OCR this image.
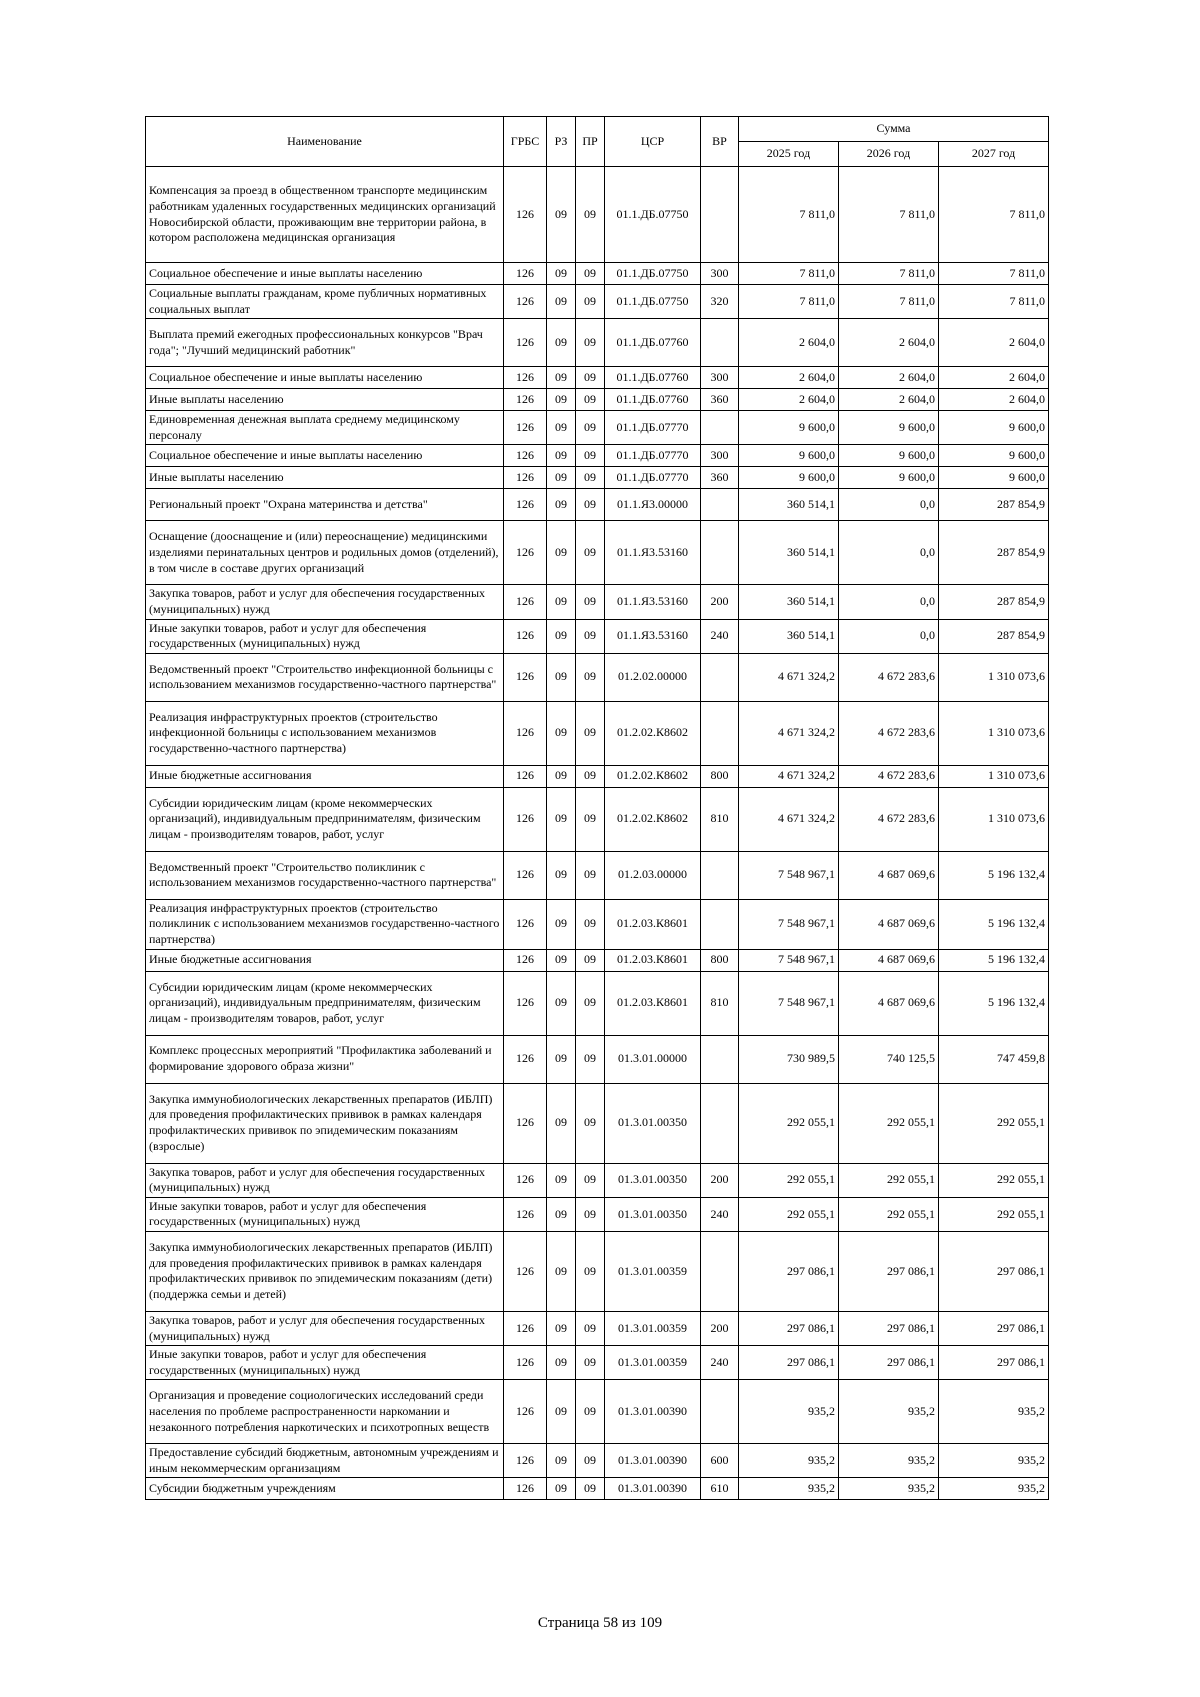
Наименование	ГРБС	РЗ	ПР	ЦСР	ВР	Сумма		
						2025 год	2026 год	2027 год
Компенсация за проезд в общественном транспорте медицинским работникам удаленных государственных медицинских организаций Новосибирской области, проживающим вне территории района, в котором расположена медицинская организация	126	09	09	01.1.ДБ.07750		7 811,0	7 811,0	7 811,0
Социальное обеспечение и иные выплаты населению	126	09	09	01.1.ДБ.07750	300	7 811,0	7 811,0	7 811,0
Социальные выплаты гражданам, кроме публичных нормативных социальных выплат	126	09	09	01.1.ДБ.07750	320	7 811,0	7 811,0	7 811,0
Выплата премий ежегодных профессиональных конкурсов "Врач года"; "Лучший медицинский работник"	126	09	09	01.1.ДБ.07760		2 604,0	2 604,0	2 604,0
Социальное обеспечение и иные выплаты населению	126	09	09	01.1.ДБ.07760	300	2 604,0	2 604,0	2 604,0
Иные выплаты населению	126	09	09	01.1.ДБ.07760	360	2 604,0	2 604,0	2 604,0
Единовременная денежная выплата среднему медицинскому персоналу	126	09	09	01.1.ДБ.07770		9 600,0	9 600,0	9 600,0
Социальное обеспечение и иные выплаты населению	126	09	09	01.1.ДБ.07770	300	9 600,0	9 600,0	9 600,0
Иные выплаты населению	126	09	09	01.1.ДБ.07770	360	9 600,0	9 600,0	9 600,0
Региональный проект "Охрана материнства и детства"	126	09	09	01.1.Я3.00000		360 514,1	0,0	287 854,9
Оснащение (дооснащение и (или) переоснащение) медицинскими изделиями перинатальных центров и родильных домов (отделений), в том числе в составе других организаций	126	09	09	01.1.Я3.53160		360 514,1	0,0	287 854,9
Закупка товаров, работ и услуг для обеспечения государственных (муниципальных) нужд	126	09	09	01.1.Я3.53160	200	360 514,1	0,0	287 854,9
Иные закупки товаров, работ и услуг для обеспечения государственных (муниципальных) нужд	126	09	09	01.1.Я3.53160	240	360 514,1	0,0	287 854,9
Ведомственный проект "Строительство инфекционной больницы с использованием механизмов государственно-частного партнерства"	126	09	09	01.2.02.00000		4 671 324,2	4 672 283,6	1 310 073,6
Реализация инфраструктурных проектов (строительство инфекционной больницы с использованием механизмов государственно-частного партнерства)	126	09	09	01.2.02.К8602		4 671 324,2	4 672 283,6	1 310 073,6
Иные бюджетные ассигнования	126	09	09	01.2.02.К8602	800	4 671 324,2	4 672 283,6	1 310 073,6
Субсидии юридическим лицам (кроме некоммерческих организаций), индивидуальным предпринимателям, физическим лицам - производителям товаров, работ, услуг	126	09	09	01.2.02.К8602	810	4 671 324,2	4 672 283,6	1 310 073,6
Ведомственный проект "Строительство поликлиник с использованием механизмов государственно-частного партнерства"	126	09	09	01.2.03.00000		7 548 967,1	4 687 069,6	5 196 132,4
Реализация инфраструктурных проектов (строительство поликлиник с использованием механизмов государственно-частного партнерства)	126	09	09	01.2.03.К8601		7 548 967,1	4 687 069,6	5 196 132,4
Иные бюджетные ассигнования	126	09	09	01.2.03.К8601	800	7 548 967,1	4 687 069,6	5 196 132,4
Субсидии юридическим лицам (кроме некоммерческих организаций), индивидуальным предпринимателям, физическим лицам - производителям товаров, работ, услуг	126	09	09	01.2.03.К8601	810	7 548 967,1	4 687 069,6	5 196 132,4
Комплекс процессных мероприятий "Профилактика заболеваний и формирование здорового образа жизни"	126	09	09	01.3.01.00000		730 989,5	740 125,5	747 459,8
Закупка иммунобиологических лекарственных препаратов (ИБЛП) для проведения профилактических прививок в рамках календаря профилактических прививок по эпидемическим показаниям (взрослые)	126	09	09	01.3.01.00350		292 055,1	292 055,1	292 055,1
Закупка товаров, работ и услуг для обеспечения государственных (муниципальных) нужд	126	09	09	01.3.01.00350	200	292 055,1	292 055,1	292 055,1
Иные закупки товаров, работ и услуг для обеспечения государственных (муниципальных) нужд	126	09	09	01.3.01.00350	240	292 055,1	292 055,1	292 055,1
Закупка иммунобиологических лекарственных препаратов (ИБЛП) для проведения профилактических прививок в рамках календаря профилактических прививок по эпидемическим показаниям (дети) (поддержка семьи и детей)	126	09	09	01.3.01.00359		297 086,1	297 086,1	297 086,1
Закупка товаров, работ и услуг для обеспечения государственных (муниципальных) нужд	126	09	09	01.3.01.00359	200	297 086,1	297 086,1	297 086,1
Иные закупки товаров, работ и услуг для обеспечения государственных (муниципальных) нужд	126	09	09	01.3.01.00359	240	297 086,1	297 086,1	297 086,1
Организация и проведение социологических исследований среди населения по проблеме распространенности наркомании и незаконного потребления наркотических и психотропных веществ	126	09	09	01.3.01.00390		935,2	935,2	935,2
Предоставление субсидий бюджетным, автономным учреждениям и иным некоммерческим организациям	126	09	09	01.3.01.00390	600	935,2	935,2	935,2
Субсидии бюджетным учреждениям	126	09	09	01.3.01.00390	610	935,2	935,2	935,2
Страница 58 из 109
